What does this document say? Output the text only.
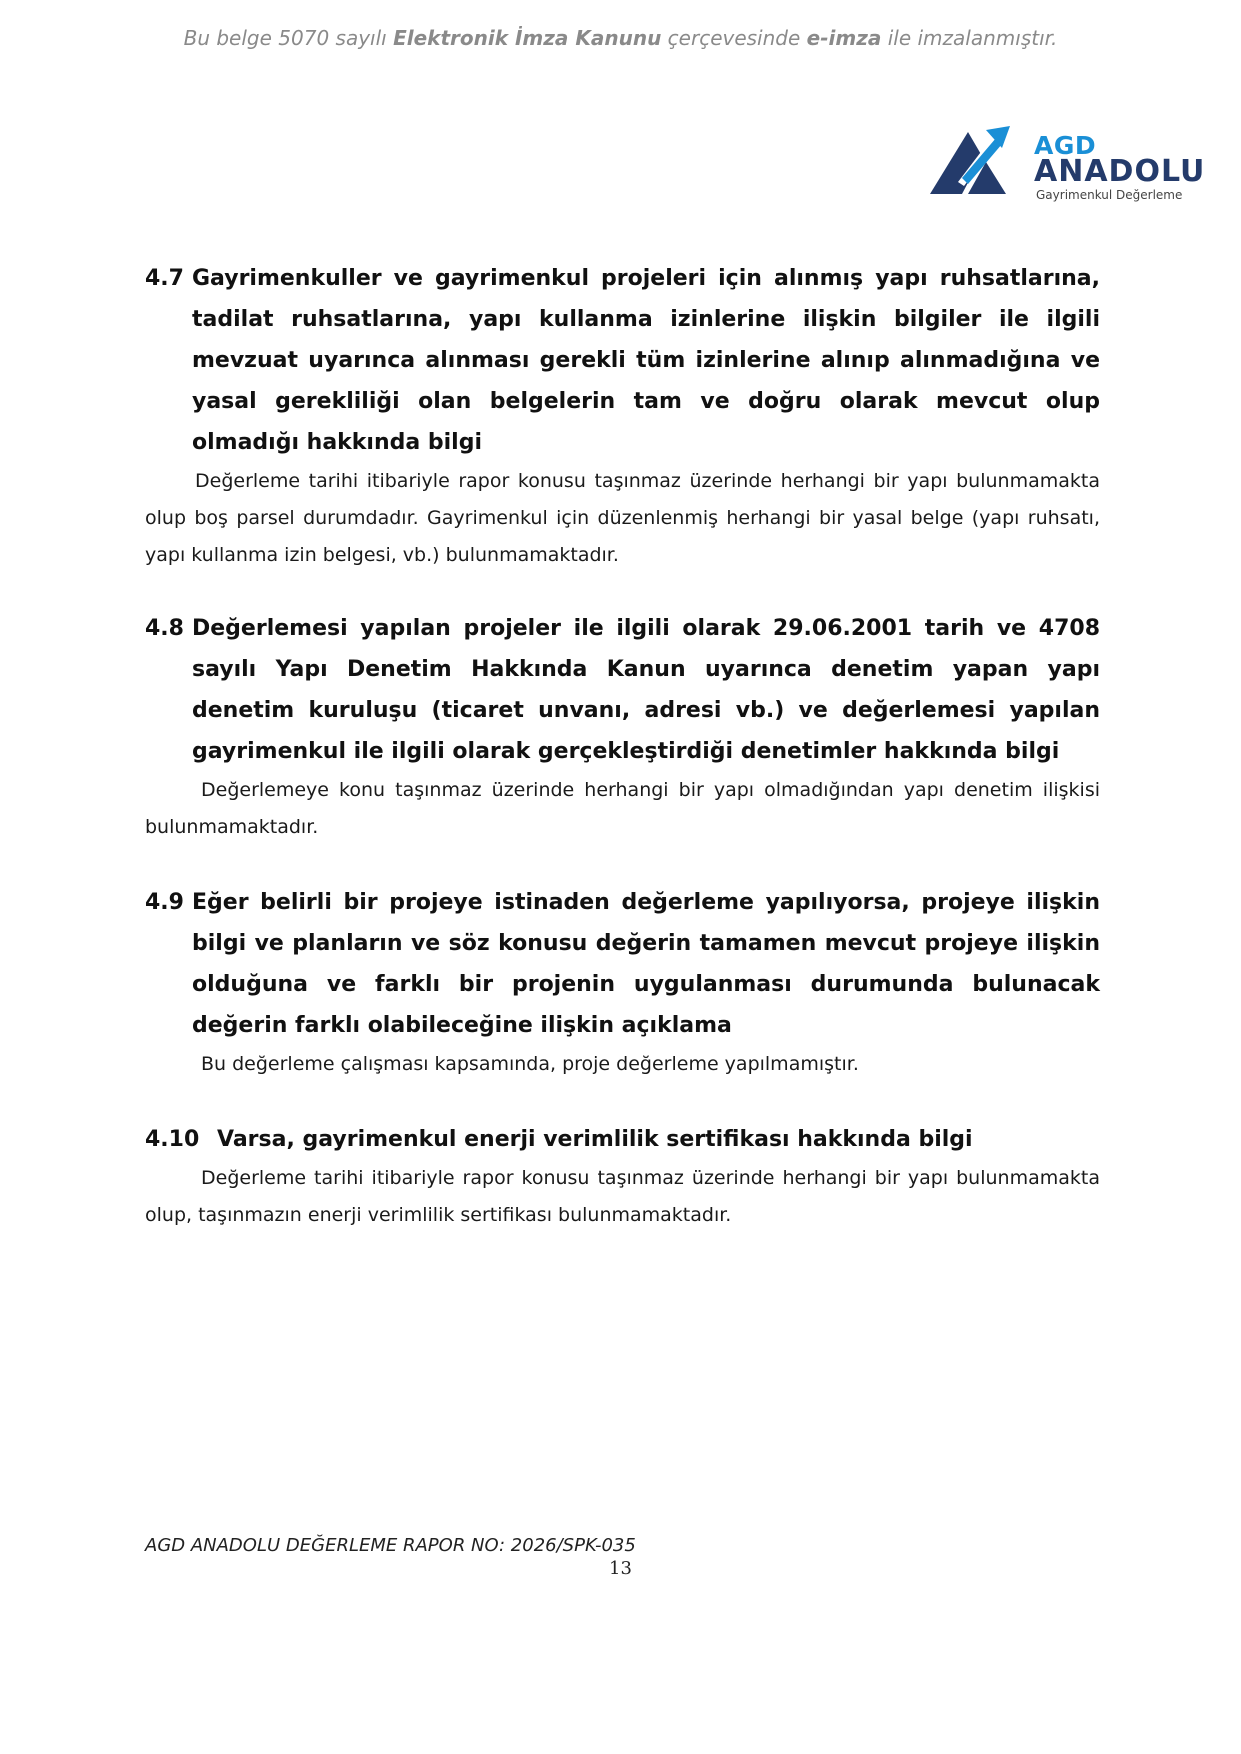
Bu belge 5070 sayılı Elektronik İmza Kanunu çerçevesinde e-imza ile imzalanmıştır.
AGD
ANADOLU
Gayrimenkul Değerleme
4.7 Gayrimenkuller ve gayrimenkul projeleri için alınmış yapı ruhsatlarına, tadilat ruhsatlarına, yapı kullanma izinlerine ilişkin bilgiler ile ilgili mevzuat uyarınca alınması gerekli tüm izinlerine alınıp alınmadığına ve yasal gerekliliği olan belgelerin tam ve doğru olarak mevcut olup olmadığı hakkında bilgi
Değerleme tarihi itibariyle rapor konusu taşınmaz üzerinde herhangi bir yapı bulunmamakta olup boş parsel durumdadır. Gayrimenkul için düzenlenmiş herhangi bir yasal belge (yapı ruhsatı, yapı kullanma izin belgesi, vb.) bulunmamaktadır.
4.8 Değerlemesi yapılan projeler ile ilgili olarak 29.06.2001 tarih ve 4708 sayılı Yapı Denetim Hakkında Kanun uyarınca denetim yapan yapı denetim kuruluşu (ticaret unvanı, adresi vb.) ve değerlemesi yapılan gayrimenkul ile ilgili olarak gerçekleştirdiği denetimler hakkında bilgi
Değerlemeye konu taşınmaz üzerinde herhangi bir yapı olmadığından yapı denetim ilişkisi bulunmamaktadır.
4.9 Eğer belirli bir projeye istinaden değerleme yapılıyorsa, projeye ilişkin bilgi ve planların ve söz konusu değerin tamamen mevcut projeye ilişkin olduğuna ve farklı bir projenin uygulanması durumunda bulunacak değerin farklı olabileceğine ilişkin açıklama
Bu değerleme çalışması kapsamında, proje değerleme yapılmamıştır.
4.10 Varsa, gayrimenkul enerji verimlilik sertifikası hakkında bilgi
Değerleme tarihi itibariyle rapor konusu taşınmaz üzerinde herhangi bir yapı bulunmamakta olup, taşınmazın enerji verimlilik sertifikası bulunmamaktadır.
AGD ANADOLU DEĞERLEME RAPOR NO: 2026/SPK-035
13
